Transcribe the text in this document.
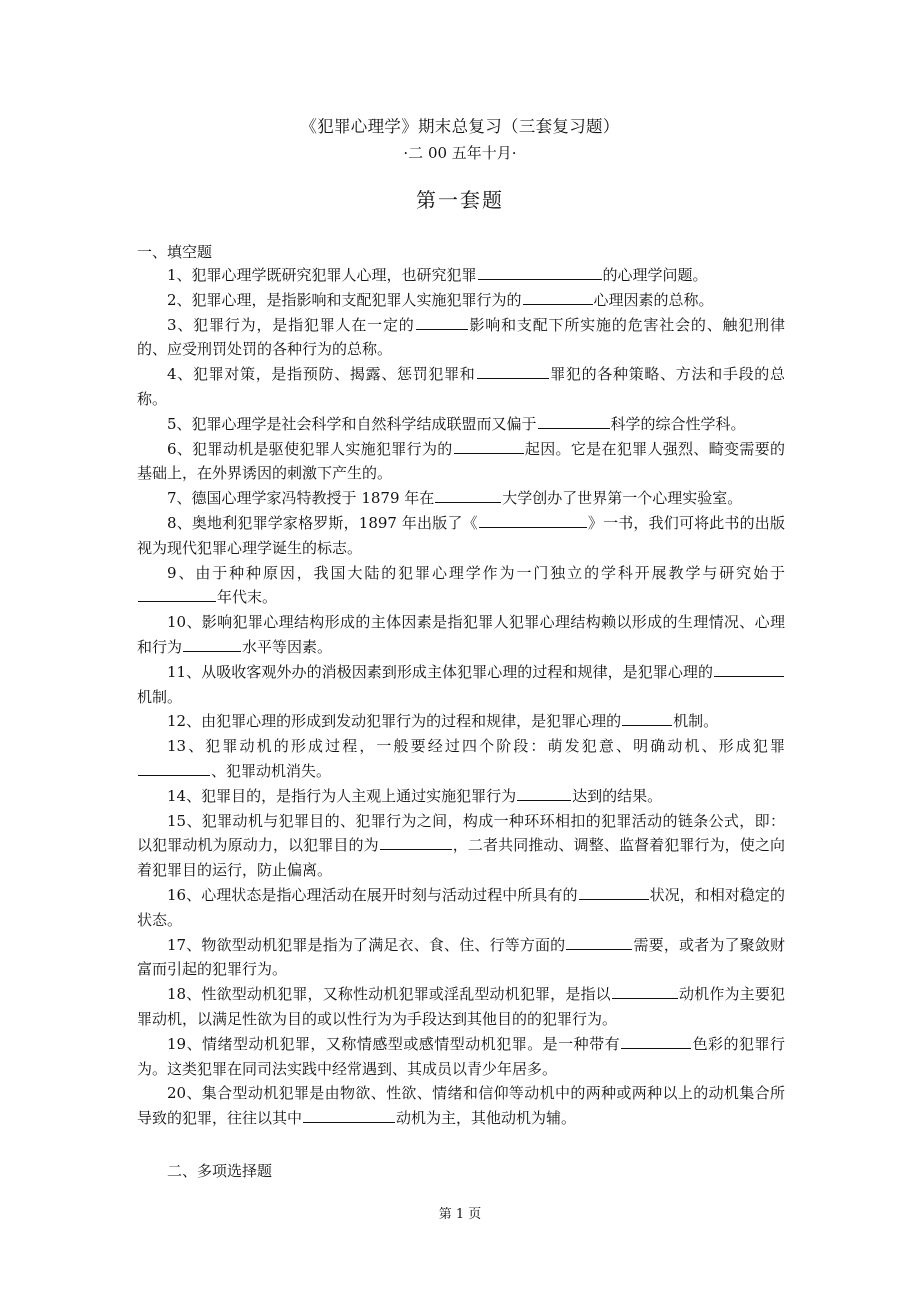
《犯罪心理学》期末总复习（三套复习题）
·二 00 五年十月·
第一套题
一、填空题

1、犯罪心理学既研究犯罪人心理，也研究犯罪	的心理学问题。

2、犯罪心理，是指影响和支配犯罪人实施犯罪行为的	心理因素的总称。

3、犯罪行为，是指犯罪人在一定的	影响和支配下所实施的危害社会的、触犯刑律的、应受刑罚处罚的各种行为的总称。

4、犯罪对策，是指预防、揭露、惩罚犯罪和	罪犯的各种策略、方法和手段的总称。

5、犯罪心理学是社会科学和自然科学结成联盟而又偏于	科学的综合性学科。

6、犯罪动机是驱使犯罪人实施犯罪行为的	起因。它是在犯罪人强烈、畸变需要的基础上，在外界诱因的刺激下产生的。

7、德国心理学家冯特教授于 1879 年在	大学创办了世界第一个心理实验室。

8、奥地利犯罪学家格罗斯，1897 年出版了《	》一书，我们可将此书的出版视为现代犯罪心理学诞生的标志。

9、由于种种原因，我国大陆的犯罪心理学作为一门独立的学科开展教学与研究始于年代末。

10、影响犯罪心理结构形成的主体因素是指犯罪人犯罪心理结构赖以形成的生理情况、心理和行为	水平等因素。

11、从吸收客观外办的消极因素到形成主体犯罪心理的过程和规律，是犯罪心理的机制。

12、由犯罪心理的形成到发动犯罪行为的过程和规律，是犯罪心理的	机制。

13、犯罪动机的形成过程，一般要经过四个阶段：萌发犯意、明确动机、形成犯罪、犯罪动机消失。

14、犯罪目的，是指行为人主观上通过实施犯罪行为	达到的结果。

15、犯罪动机与犯罪目的、犯罪行为之间，构成一种环环相扣的犯罪活动的链条公式，即：以犯罪动机为原动力，以犯罪目的为	，二者共同推动、调整、监督着犯罪行为，使之向着犯罪目的运行，防止偏离。

16、心理状态是指心理活动在展开时刻与活动过程中所具有的	状况，和相对稳定的状态。

17、物欲型动机犯罪是指为了满足衣、食、住、行等方面的	需要，或者为了聚敛财富而引起的犯罪行为。

18、性欲型动机犯罪，又称性动机犯罪或淫乱型动机犯罪，是指以	动机作为主要犯罪动机，以满足性欲为目的或以性行为为手段达到其他目的的犯罪行为。

19、情绪型动机犯罪，又称情感型或感情型动机犯罪。是一种带有	色彩的犯罪行为。这类犯罪在同司法实践中经常遇到、其成员以青少年居多。

20、集合型动机犯罪是由物欲、性欲、情绪和信仰等动机中的两种或两种以上的动机集合所导致的犯罪，往往以其中	动机为主，其他动机为辅。

二、多项选择题
第 1 页
